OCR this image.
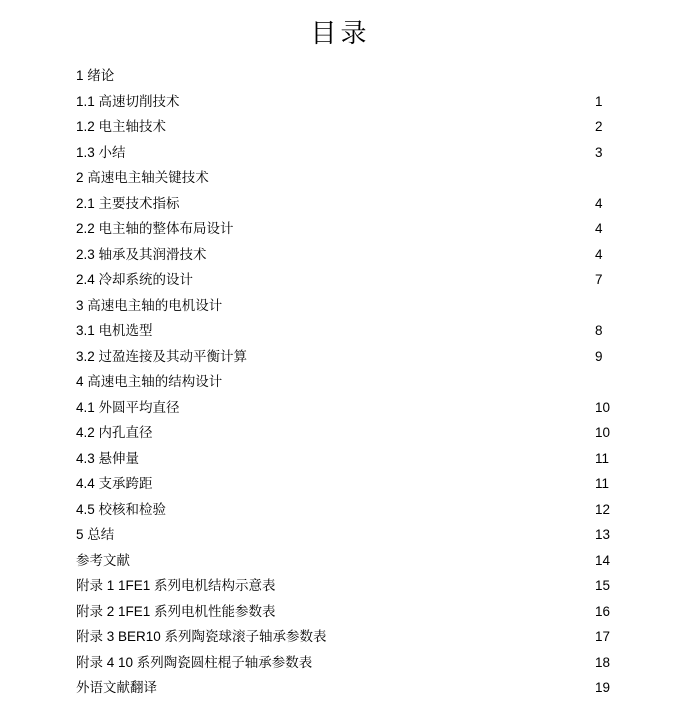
目录
1 绪论
1.1 高速切削技术	1
1.2 电主轴技术	2
1.3 小结	3
2 高速电主轴关键技术
2.1 主要技术指标	4
2.2 电主轴的整体布局设计	4
2.3 轴承及其润滑技术	4
2.4 冷却系统的设计	7
3 高速电主轴的电机设计
3.1 电机选型	8
3.2 过盈连接及其动平衡计算	9
4 高速电主轴的结构设计
4.1 外圆平均直径	10
4.2 内孔直径	10
4.3 悬伸量	11
4.4 支承跨距	11
4.5 校核和检验	12
5 总结	13
参考文献	14
附录 1 1FE1 系列电机结构示意表	15
附录 2 1FE1 系列电机性能参数表	16
附录 3 BER10 系列陶瓷球滚子轴承参数表	17
附录 4 10 系列陶瓷圆柱棍子轴承参数表	18
外语文献翻译	19
